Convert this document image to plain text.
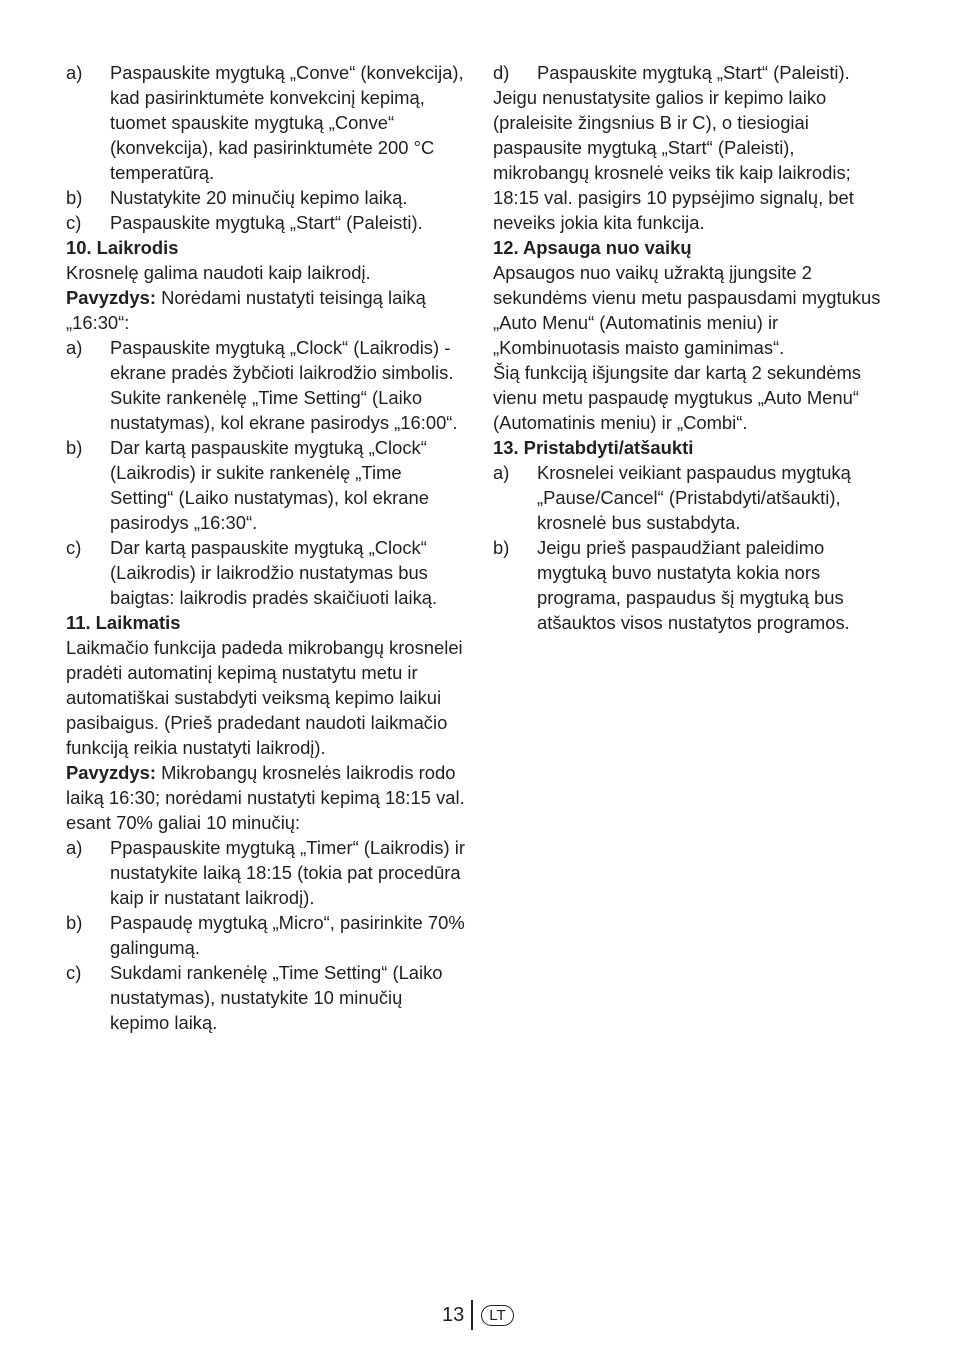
a) Paspauskite mygtuką „Conve“ (konvekcija), kad pasirinktumėte konvekcinį kepimą, tuomet spauskite mygtuką „Conve“ (konvekcija), kad pasirinktumėte 200 °C temperatūrą.
b) Nustatykite 20 minučių kepimo laiką.
c) Paspauskite mygtuką „Start“ (Paleisti).

10. Laikrodis

Krosnelę galima naudoti kaip laikrodį.

Pavyzdys: Norėdami nustatyti teisingą laiką „16:30“:

a) Paspauskite mygtuką „Clock“ (Laikrodis) - ekrane pradės žybčioti laikrodžio simbolis. Sukite rankenėlę „Time Setting“ (Laiko nustatymas), kol ekrane pasirodys „16:00“.
b) Dar kartą paspauskite mygtuką „Clock“ (Laikrodis) ir sukite rankenėlę „Time Setting“ (Laiko nustatymas), kol ekrane pasirodys „16:30“.
c) Dar kartą paspauskite mygtuką „Clock“ (Laikrodis) ir laikrodžio nustatymas bus baigtas: laikrodis pradės skaičiuoti laiką.

11. Laikmatis

Laikmačio funkcija padeda mikrobangų krosnelei pradėti automatinį kepimą nustatytu metu ir automatiškai sustabdyti veiksmą kepimo laikui pasibaigus. (Prieš pradedant naudoti laikmačio funkciją reikia nustatyti laikrodį).

Pavyzdys: Mikrobangų krosnelės laikrodis rodo laiką 16:30; norėdami nustatyti kepimą 18:15 val. esant 70% galiai 10 minučių:

a) Ppaspauskite mygtuką „Timer“ (Laikrodis) ir nustatykite laiką 18:15 (tokia pat procedūra kaip ir nustatant laikrodį).
b) Paspaudę mygtuką „Micro“, pasirinkite 70% galingumą.
c) Sukdami rankenėlę „Time Setting“ (Laiko nustatymas), nustatykite 10 minučių kepimo laiką.
d) Paspauskite mygtuką „Start“ (Paleisti).

Jeigu nenustatysite galios ir kepimo laiko (praleisite žingsnius B ir C), o tiesiogiai paspausite mygtuką „Start“ (Paleisti), mikrobangų krosnelė veiks tik kaip laikrodis; 18:15 val. pasigirs 10 pypsėjimo signalų, bet neveiks jokia kita funkcija.

12. Apsauga nuo vaikų

Apsaugos nuo vaikų užraktą įjungsite 2 sekundėms vienu metu paspausdami mygtukus „Auto Menu“ (Automatinis meniu) ir „Kombinuotasis maisto gaminimas“.

Šią funkciją išjungsite dar kartą 2 sekundėms vienu metu paspaudę mygtukus „Auto Menu“ (Automatinis meniu) ir „Combi“.

13. Pristabdyti/atšaukti

a) Krosnelei veikiant paspaudus mygtuką „Pause/Cancel“ (Pristabdyti/atšaukti), krosnelė bus sustabdyta.
b) Jeigu prieš paspaudžiant paleidimo mygtuką buvo nustatyta kokia nors programa, paspaudus šį mygtuką bus atšauktos visos nustatytos programos.
13	LT
